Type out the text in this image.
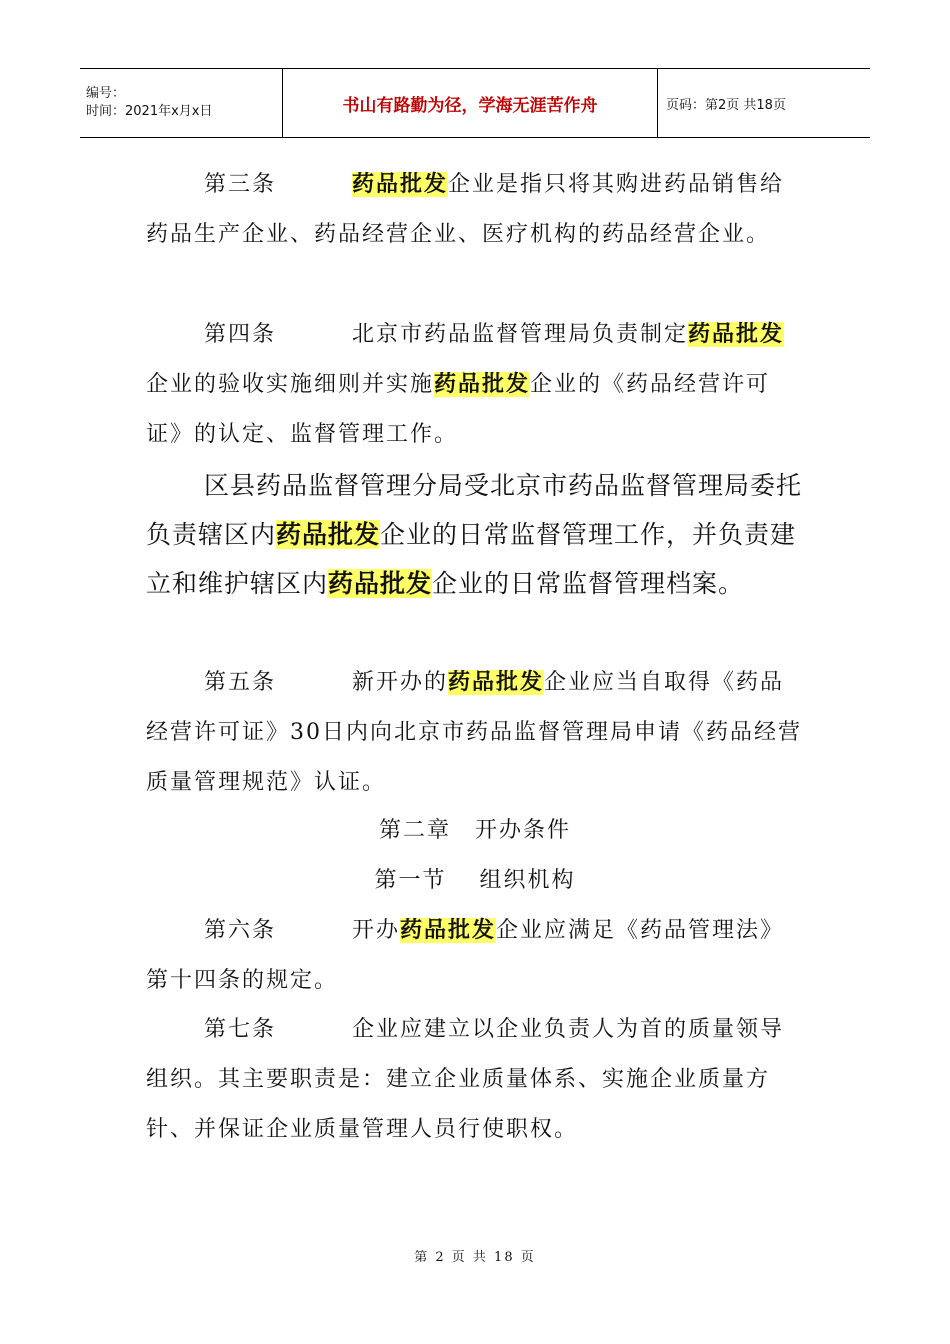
编号：
时间：2021年x月x日	书山有路勤为径，学海无涯苦作舟	页码：第2页 共18页

第三条	药品批发企业是指只将其购进药品销售给药品生产企业、药品经营企业、医疗机构的药品经营企业。

第四条	北京市药品监督管理局负责制定药品批发企业的验收实施细则并实施药品批发企业的《药品经营许可证》的认定、监督管理工作。

区县药品监督管理分局受北京市药品监督管理局委托负责辖区内药品批发企业的日常监督管理工作，并负责建立和维护辖区内药品批发企业的日常监督管理档案。

第五条	新开办的药品批发企业应当自取得《药品经营许可证》30日内向北京市药品监督管理局申请《药品经营质量管理规范》认证。

第二章　开办条件

第一节　 组织机构

第六条	开办药品批发企业应满足《药品管理法》第十四条的规定。

第七条	企业应建立以企业负责人为首的质量领导组织。其主要职责是：建立企业质量体系、实施企业质量方针、并保证企业质量管理人员行使职权。

第 2 页 共 18 页
